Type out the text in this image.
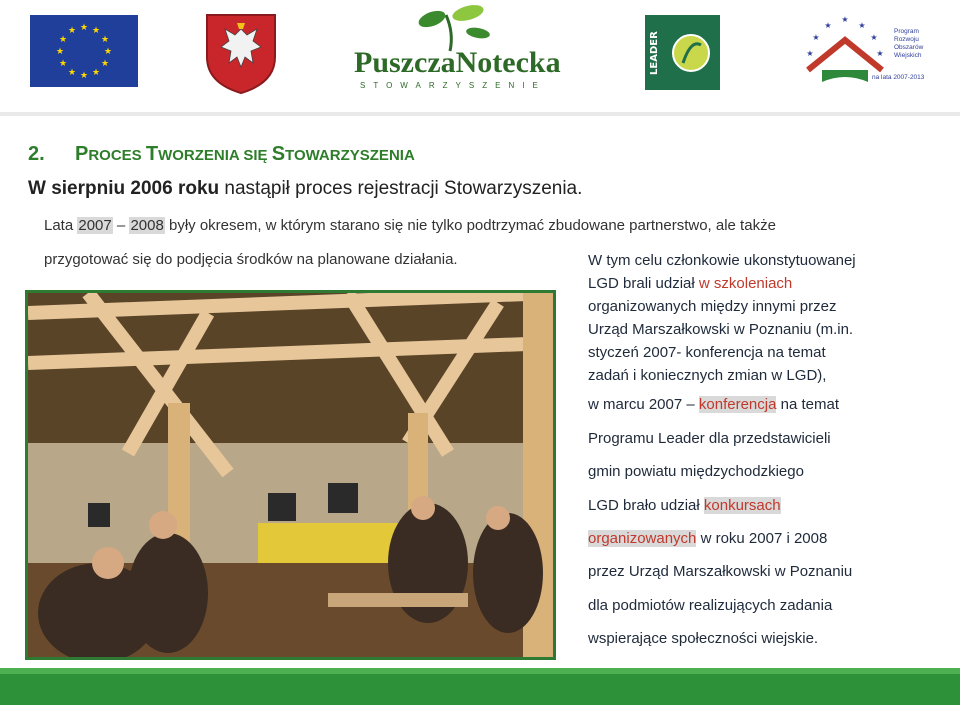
★ ★
★
★
★
★
★
★
★
★
★
★
PuszczaNotecka
STOWARZYSZENIE
LEADER	★
★
★
★
★
★
★
Program
Rozwoju
Obszarów
Wiejskich
na lata 2007-2013
2. PROCES TWORZENIA SIĘ STOWARZYSZENIA
W sierpniu 2006 roku nastąpił proces rejestracji Stowarzyszenia.
Lata 2007 – 2008 były okresem, w którym starano się nie tylko podtrzymać zbudowane partnerstwo, ale także
przygotować się do podjęcia środków na planowane działania.	W tym celu członkowie ukonstytuowanej
LGD brali udział w szkoleniach
organizowanych między innymi przez
Urząd Marszałkowski w Poznaniu (m.in.
styczeń 2007- konferencja na temat
zadań i koniecznych zmian w LGD),
w marcu 2007 – konferencja na temat
Programu Leader dla przedstawicieli
gmin powiatu międzychodzkiego
LGD brało udział konkursach
organizowanych w roku 2007 i 2008
przez Urząd Marszałkowski w Poznaniu
dla podmiotów realizujących zadania
wspierające społeczności wiejskie.
